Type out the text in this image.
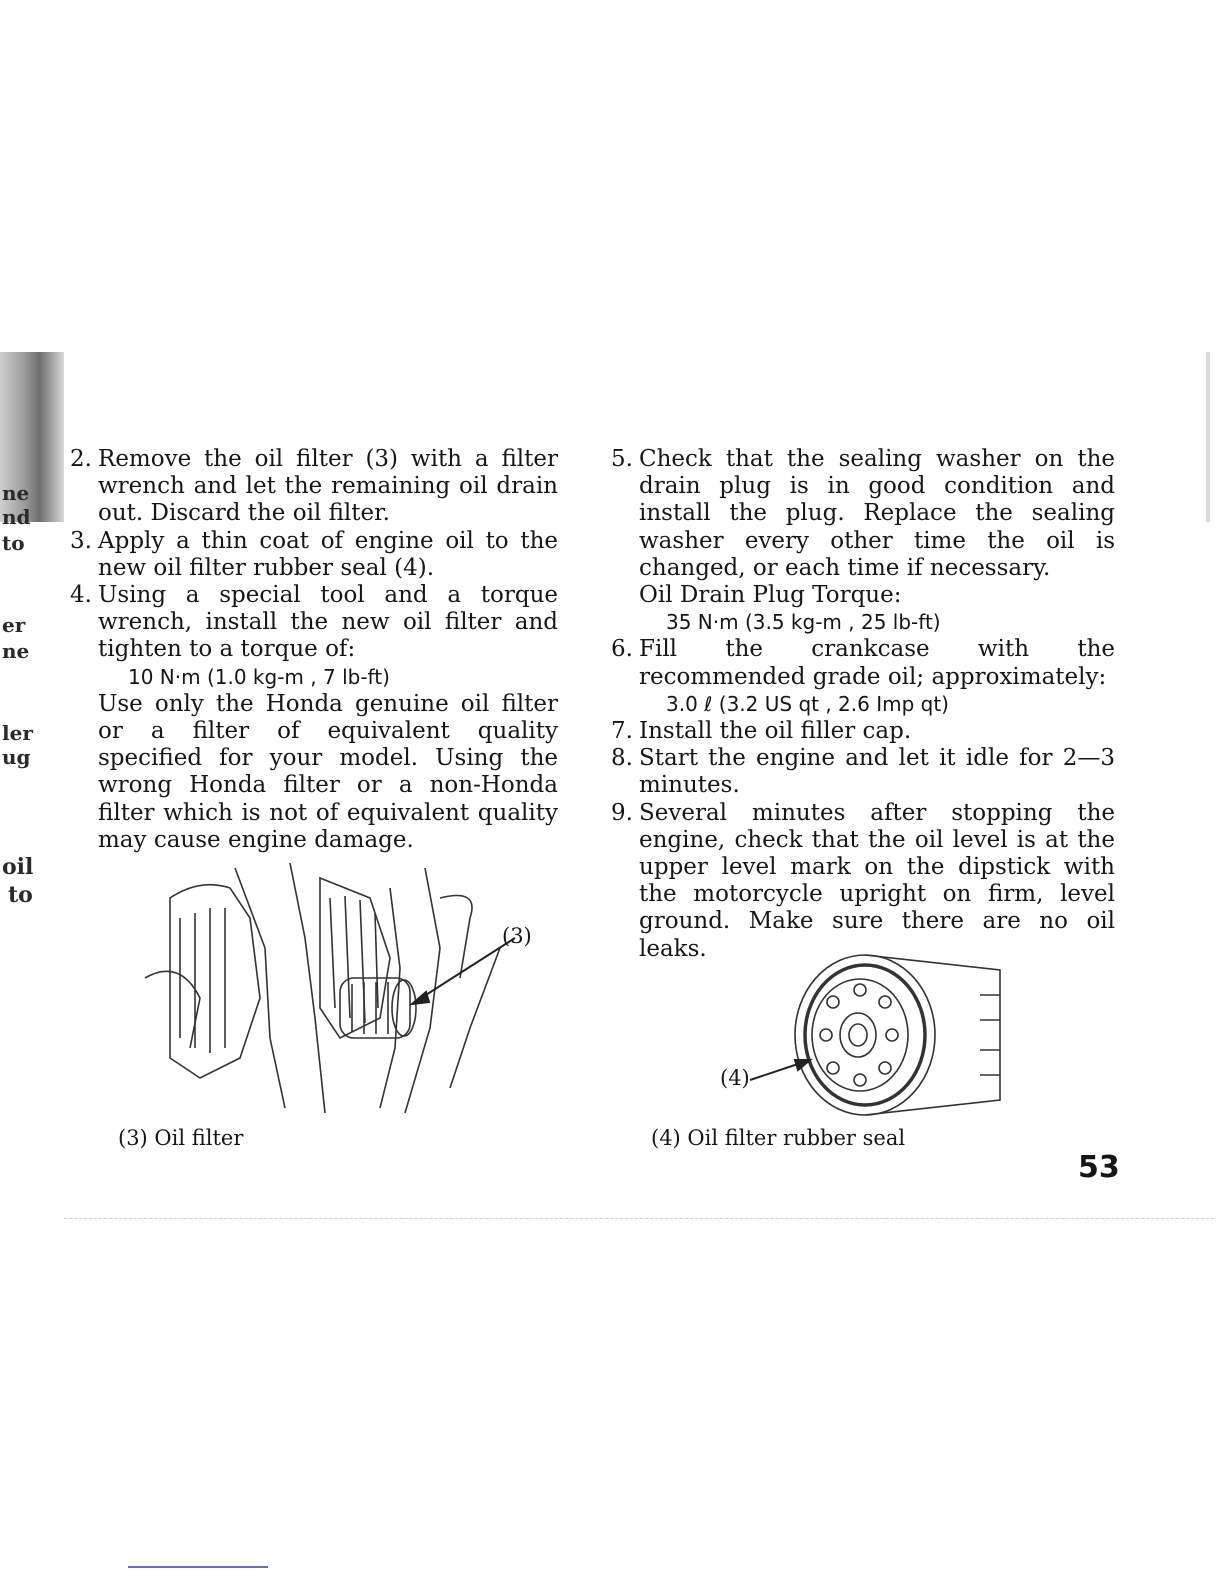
ne
nd
to
er
ne
ler
ug
oil
to

2. Remove the oil filter (3) with a filter wrench and let the remaining oil drain out. Discard the oil filter.

3. Apply a thin coat of engine oil to the new oil filter rubber seal (4).

4. Using a special tool and a torque wrench, install the new oil filter and tighten to a torque of:

10 N·m (1.0 kg-m , 7 lb-ft)

Use only the Honda genuine oil filter or a filter of equivalent quality specified for your model. Using the wrong Honda filter or a non-Honda filter which is not of equivalent quality may cause engine damage.

5. Check that the sealing washer on the drain plug is in good condition and install the plug. Replace the sealing washer every other time the oil is changed, or each time if necessary.

Oil Drain Plug Torque:

35 N·m (3.5 kg-m , 25 lb-ft)

6. Fill the crankcase with the recommended grade oil; approximately:

3.0 ℓ (3.2 US qt , 2.6 Imp qt)

7. Install the oil filler cap.

8. Start the engine and let it idle for 2—3 minutes.

9. Several minutes after stopping the engine, check that the oil level is at the upper level mark on the dipstick with the motorcycle upright on firm, level ground. Make sure there are no oil leaks.

(3)
(3) Oil filter
(4)
(4) Oil filter rubber seal
53
